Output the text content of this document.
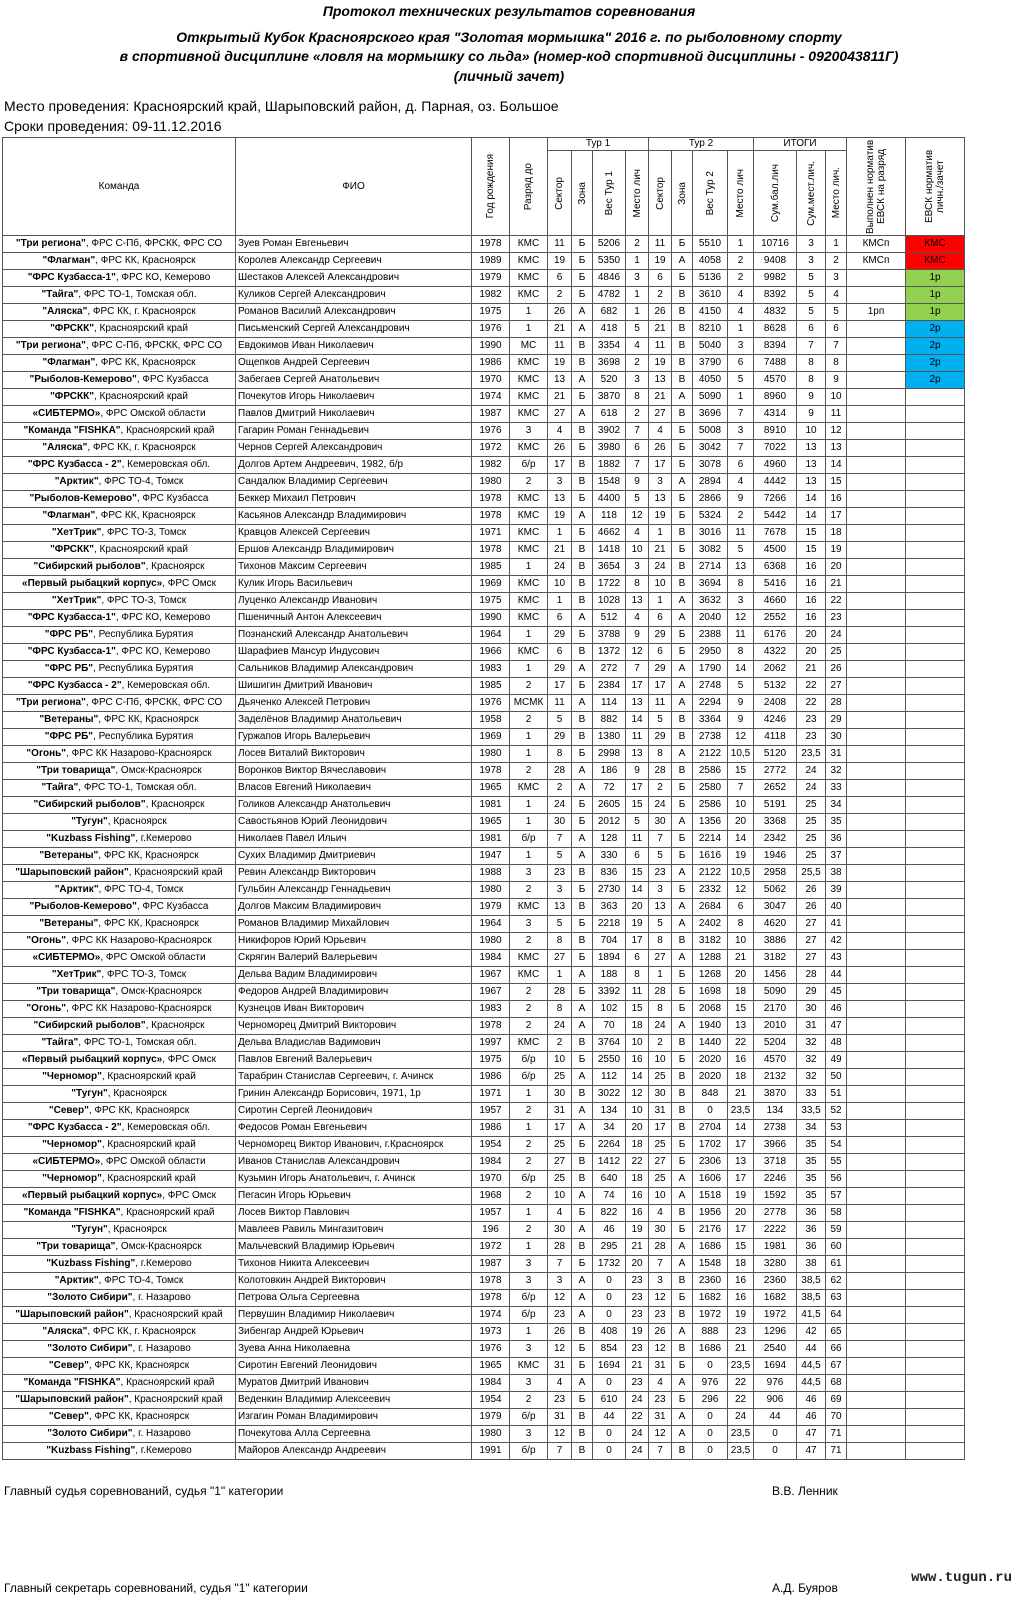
Протокол технических результатов соревнования
Открытый Кубок Красноярского края "Золотая мормышка" 2016 г. по рыболовному спорту
в спортивной дисциплине «ловля на мормышку со льда» (номер-код спортивной дисциплины - 0920043811Г)
(личный зачет)
Место проведения: Красноярский край, Шарыповский район, д. Парная, оз. Большое
Сроки проведения: 09-11.12.2016
Команда	ФИО	Год рождения	Разряд до	Тур 1				Тур 2				ИТОГИ			Выполнен норматив ЕВСК на разряд	ЕВСК норматив личн./зачет

				Сектор	Зона	Вес Тур 1	Место лич	Сектор	Зона	Вес Тур 2	Место лич	Сум.бал.лич	Сум.мест.лич.	Место лич.		

"Три региона", ФРС С-Пб, ФРСКК, ФРС СО	Зуев Роман Евгеньевич	1978	КМС	11	Б	5206	2	11	Б	5510	1	10716	3	1	КМСп	КМС
"Флагман", ФРС КК, Красноярск	Королев Александр Сергеевич	1989	КМС	19	Б	5350	1	19	А	4058	2	9408	3	2	КМСп	КМС
"ФРС Кузбасса-1", ФРС КО, Кемерово	Шестаков Алексей Александрович	1979	КМС	6	Б	4846	3	6	Б	5136	2	9982	5	3		1р
"Тайга", ФРС ТО-1, Томская обл.	Куликов Сергей Александрович	1982	КМС	2	Б	4782	1	2	В	3610	4	8392	5	4		1р
"Аляска", ФРС КК, г. Красноярск	Романов Василий Александрович	1975	1	26	А	682	1	26	В	4150	4	4832	5	5	1рп	1р
"ФРСКК", Красноярский край	Письменский Сергей Александрович	1976	1	21	А	418	5	21	В	8210	1	8628	6	6		2р
"Три региона", ФРС С-Пб, ФРСКК, ФРС СО	Евдокимов Иван Николаевич	1990	МС	11	В	3354	4	11	В	5040	3	8394	7	7		2р
"Флагман", ФРС КК, Красноярск	Ощепков Андрей Сергеевич	1986	КМС	19	В	3698	2	19	В	3790	6	7488	8	8		2р
"Рыболов-Кемерово", ФРС Кузбасса	Забегаев Сергей Анатольевич	1970	КМС	13	А	520	3	13	В	4050	5	4570	8	9		2р
"ФРСКК", Красноярский край	Почекутов Игорь Николаевич	1974	КМС	21	Б	3870	8	21	А	5090	1	8960	9	10		
«СИБТЕРМО», ФРС Омской области	Павлов Дмитрий Николаевич	1987	КМС	27	А	618	2	27	В	3696	7	4314	9	11		
"Команда "FISHKA", Красноярский край	Гагарин Роман Геннадьевич	1976	3	4	В	3902	7	4	Б	5008	3	8910	10	12		
"Аляска", ФРС КК, г. Красноярск	Чернов Сергей Александрович	1972	КМС	26	Б	3980	6	26	Б	3042	7	7022	13	13		
"ФРС Кузбасса - 2", Кемеровская обл.	Долгов Артем Андреевич, 1982, б/р	1982	б/р	17	В	1882	7	17	Б	3078	6	4960	13	14		
"Арктик", ФРС ТО-4, Томск	Сандалюк Владимир Сергеевич	1980	2	3	В	1548	9	3	А	2894	4	4442	13	15		
"Рыболов-Кемерово", ФРС Кузбасса	Беккер Михаил Петрович	1978	КМС	13	Б	4400	5	13	Б	2866	9	7266	14	16		
"Флагман", ФРС КК, Красноярск	Касьянов Александр Владимирович	1978	КМС	19	А	118	12	19	Б	5324	2	5442	14	17		
"ХетТрик", ФРС ТО-3, Томск	Кравцов Алексей Сергеевич	1971	КМС	1	Б	4662	4	1	В	3016	11	7678	15	18		
"ФРСКК", Красноярский край	Ершов Александр Владимирович	1978	КМС	21	В	1418	10	21	Б	3082	5	4500	15	19		
"Сибирский рыболов", Красноярск	Тихонов Максим Сергеевич	1985	1	24	В	3654	3	24	В	2714	13	6368	16	20		
«Первый рыбацкий корпус», ФРС Омск	Кулик Игорь Васильевич	1969	КМС	10	В	1722	8	10	В	3694	8	5416	16	21		
"ХетТрик", ФРС ТО-3, Томск	Луценко Александр Иванович	1975	КМС	1	В	1028	13	1	А	3632	3	4660	16	22		
"ФРС Кузбасса-1", ФРС КО, Кемерово	Пшеничный Антон Алексеевич	1990	КМС	6	А	512	4	6	А	2040	12	2552	16	23		
"ФРС РБ", Республика Бурятия	Познанский Александр Анатольевич	1964	1	29	Б	3788	9	29	Б	2388	11	6176	20	24		
"ФРС Кузбасса-1", ФРС КО, Кемерово	Шарафиев Мансур Индусович	1966	КМС	6	В	1372	12	6	Б	2950	8	4322	20	25		
"ФРС РБ", Республика Бурятия	Сальников Владимир Александрович	1983	1	29	А	272	7	29	А	1790	14	2062	21	26		
"ФРС Кузбасса - 2", Кемеровская обл.	Шишигин Дмитрий Иванович	1985	2	17	Б	2384	17	17	А	2748	5	5132	22	27		
"Три региона", ФРС С-Пб, ФРСКК, ФРС СО	Дьяченко Алексей Петрович	1976	МСМК	11	А	114	13	11	А	2294	9	2408	22	28		
"Ветераны", ФРС КК, Красноярск	Заделёнов Владимир Анатольевич	1958	2	5	В	882	14	5	В	3364	9	4246	23	29		
"ФРС РБ", Республика Бурятия	Гуржапов Игорь Валерьевич	1969	1	29	В	1380	11	29	В	2738	12	4118	23	30		
"Огонь", ФРС КК Назарово-Красноярск	Лосев Виталий Викторович	1980	1	8	Б	2998	13	8	А	2122	10,5	5120	23,5	31		
"Три товарища", Омск-Красноярск	Воронков Виктор Вячеславович	1978	2	28	А	186	9	28	В	2586	15	2772	24	32		
"Тайга", ФРС ТО-1, Томская обл.	Власов Евгений Николаевич	1965	КМС	2	А	72	17	2	Б	2580	7	2652	24	33		
"Сибирский рыболов", Красноярск	Голиков Александр Анатольевич	1981	1	24	Б	2605	15	24	Б	2586	10	5191	25	34		
"Тугун", Красноярск	Савостьянов Юрий Леонидович	1965	1	30	Б	2012	5	30	А	1356	20	3368	25	35		
"Kuzbass Fishing", г.Кемерово	Николаев Павел Ильич	1981	б/р	7	А	128	11	7	Б	2214	14	2342	25	36		
"Ветераны", ФРС КК, Красноярск	Сухих Владимир Дмитриевич	1947	1	5	А	330	6	5	Б	1616	19	1946	25	37		
"Шарыповский район", Красноярский край	Ревин Александр Викторович	1988	3	23	В	836	15	23	А	2122	10,5	2958	25,5	38		
"Арктик", ФРС ТО-4, Томск	Гульбин Александр Геннадьевич	1980	2	3	Б	2730	14	3	Б	2332	12	5062	26	39		
"Рыболов-Кемерово", ФРС Кузбасса	Долгов Максим Владимирович	1979	КМС	13	В	363	20	13	А	2684	6	3047	26	40		
"Ветераны", ФРС КК, Красноярск	Романов Владимир Михайлович	1964	3	5	Б	2218	19	5	А	2402	8	4620	27	41		
"Огонь", ФРС КК Назарово-Красноярск	Никифоров Юрий Юрьевич	1980	2	8	В	704	17	8	В	3182	10	3886	27	42		
«СИБТЕРМО», ФРС Омской области	Скрягин Валерий Валерьевич	1984	КМС	27	Б	1894	6	27	А	1288	21	3182	27	43		
"ХетТрик", ФРС ТО-3, Томск	Дельва Вадим Владимирович	1967	КМС	1	А	188	8	1	Б	1268	20	1456	28	44		
"Три товарища", Омск-Красноярск	Федоров Андрей Владимирович	1967	2	28	Б	3392	11	28	Б	1698	18	5090	29	45		
"Огонь", ФРС КК Назарово-Красноярск	Кузнецов Иван Викторович	1983	2	8	А	102	15	8	Б	2068	15	2170	30	46		
"Сибирский рыболов", Красноярск	Черноморец Дмитрий Викторович	1978	2	24	А	70	18	24	А	1940	13	2010	31	47		
"Тайга", ФРС ТО-1, Томская обл.	Дельва Владислав Вадимович	1997	КМС	2	В	3764	10	2	В	1440	22	5204	32	48		
«Первый рыбацкий корпус», ФРС Омск	Павлов Евгений Валерьевич	1975	б/р	10	Б	2550	16	10	Б	2020	16	4570	32	49		
"Черномор", Красноярский край	Тарабрин Станислав Сергеевич, г. Ачинск	1986	б/р	25	А	112	14	25	В	2020	18	2132	32	50		
"Тугун", Красноярск	Гринин Александр Борисович, 1971, 1р	1971	1	30	В	3022	12	30	В	848	21	3870	33	51		
"Север", ФРС КК, Красноярск	Сиротин Сергей Леонидович	1957	2	31	А	134	10	31	В	0	23,5	134	33,5	52		
"ФРС Кузбасса - 2", Кемеровская обл.	Федосов Роман Евгеньевич	1986	1	17	А	34	20	17	В	2704	14	2738	34	53		
"Черномор", Красноярский край	Черноморец Виктор Иванович, г.Красноярск	1954	2	25	Б	2264	18	25	Б	1702	17	3966	35	54		
«СИБТЕРМО», ФРС Омской области	Иванов Станислав Александрович	1984	2	27	В	1412	22	27	Б	2306	13	3718	35	55		
"Черномор", Красноярский край	Кузьмин Игорь Анатольевич, г. Ачинск	1970	б/р	25	В	640	18	25	А	1606	17	2246	35	56		
«Первый рыбацкий корпус», ФРС Омск	Пегасин Игорь Юрьевич	1968	2	10	А	74	16	10	А	1518	19	1592	35	57		
"Команда "FISHKA", Красноярский край	Лосев Виктор Павлович	1957	1	4	Б	822	16	4	В	1956	20	2778	36	58		
"Тугун", Красноярск	Мавлеев Равиль Мингазитович	196	2	30	А	46	19	30	Б	2176	17	2222	36	59		
"Три товарища", Омск-Красноярск	Мальчевский Владимир Юрьевич	1972	1	28	В	295	21	28	А	1686	15	1981	36	60		
"Kuzbass Fishing", г.Кемерово	Тихонов Никита Алексеевич	1987	3	7	Б	1732	20	7	А	1548	18	3280	38	61		
"Арктик", ФРС ТО-4, Томск	Колотовкин Андрей Викторович	1978	3	3	А	0	23	3	В	2360	16	2360	38,5	62		
"Золото Сибири", г. Назарово	Петрова Ольга Сергеевна	1978	б/р	12	А	0	23	12	Б	1682	16	1682	38,5	63		
"Шарыповский район", Красноярский край	Первушин Владимир Николаевич	1974	б/р	23	А	0	23	23	В	1972	19	1972	41,5	64		
"Аляска", ФРС КК, г. Красноярск	Зибенгар Андрей Юрьевич	1973	1	26	В	408	19	26	А	888	23	1296	42	65		
"Золото Сибири", г. Назарово	Зуева Анна Николаевна	1976	3	12	Б	854	23	12	В	1686	21	2540	44	66		
"Север", ФРС КК, Красноярск	Сиротин Евгений Леонидович	1965	КМС	31	Б	1694	21	31	Б	0	23,5	1694	44,5	67		
"Команда "FISHKA", Красноярский край	Муратов Дмитрий Иванович	1984	3	4	А	0	23	4	А	976	22	976	44,5	68		
"Шарыповский район", Красноярский край	Веденкин Владимир Алексеевич	1954	2	23	Б	610	24	23	Б	296	22	906	46	69		
"Север", ФРС КК, Красноярск	Изгагин Роман Владимирович	1979	б/р	31	В	44	22	31	А	0	24	44	46	70		
"Золото Сибири", г. Назарово	Почекутова Алла Сергеевна	1980	3	12	В	0	24	12	А	0	23,5	0	47	71		
"Kuzbass Fishing", г.Кемерово	Майоров Александр Андреевич	1991	б/р	7	В	0	24	7	В	0	23,5	0	47	71		
Главный судья соревнований, судья "1" категории	В.В. Ленник
Главный секретарь соревнований, судья "1" категории	А.Д. Буяров
www.tugun.ru
